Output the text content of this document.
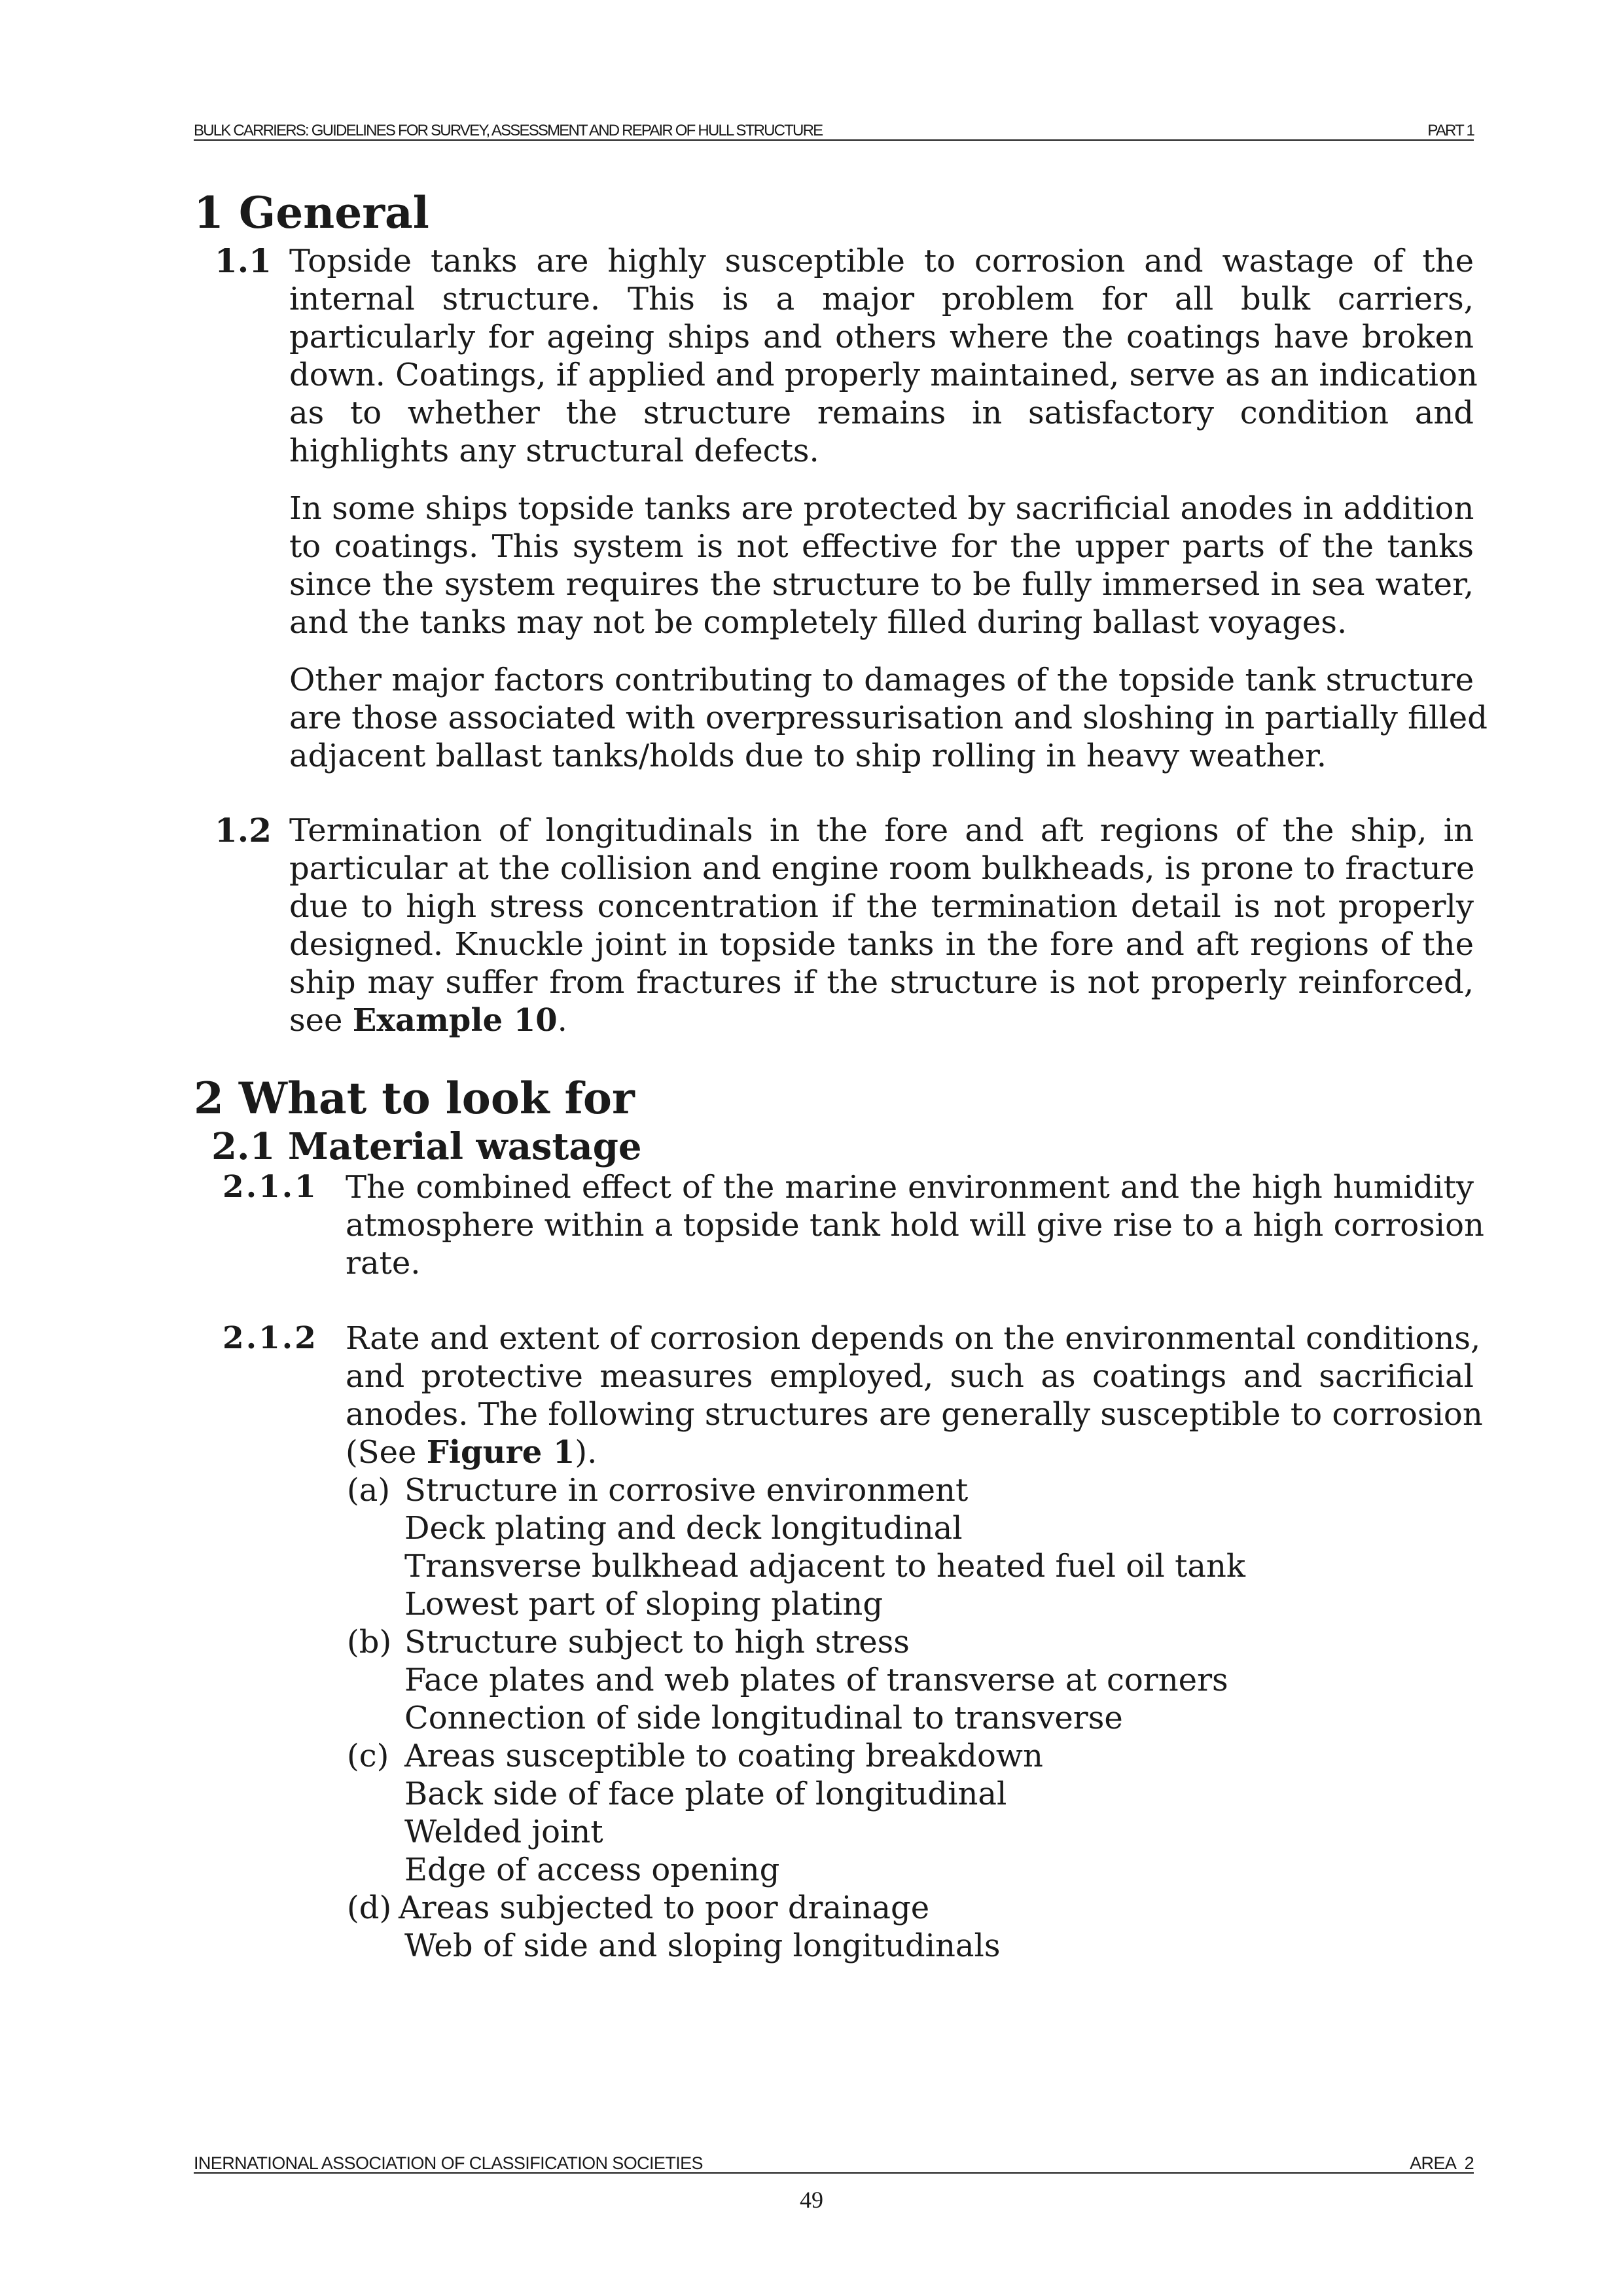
BULK CARRIERS: GUIDELINES FOR SURVEY, ASSESSMENT AND REPAIR OF HULL STRUCTURE	PART 1
1 General
1.1 Topside tanks are highly susceptible to corrosion and wastage of the
internal structure. This is a major problem for all bulk carriers,
particularly for ageing ships and others where the coatings have broken
down. Coatings, if applied and properly maintained, serve as an indication
as to whether the structure remains in satisfactory condition and
highlights any structural defects.
In some ships topside tanks are protected by sacrificial anodes in addition
to coatings. This system is not effective for the upper parts of the tanks
since the system requires the structure to be fully immersed in sea water,
and the tanks may not be completely filled during ballast voyages.
Other major factors contributing to damages of the topside tank structure
are those associated with overpressurisation and sloshing in partially filled
adjacent ballast tanks/holds due to ship rolling in heavy weather.
1.2 Termination of longitudinals in the fore and aft regions of the ship, in
particular at the collision and engine room bulkheads, is prone to fracture
due to high stress concentration if the termination detail is not properly
designed. Knuckle joint in topside tanks in the fore and aft regions of the
ship may suffer from fractures if the structure is not properly reinforced,
see Example 10.
2 What to look for
2.1 Material wastage
2.1.1 The combined effect of the marine environment and the high humidity
atmosphere within a topside tank hold will give rise to a high corrosion
rate.
2.1.2 Rate and extent of corrosion depends on the environmental conditions,
and protective measures employed, such as coatings and sacrificial
anodes. The following structures are generally susceptible to corrosion
(See Figure 1).
(a) Structure in corrosive environment
Deck plating and deck longitudinal
Transverse bulkhead adjacent to heated fuel oil tank
Lowest part of sloping plating
(b) Structure subject to high stress
Face plates and web plates of transverse at corners
Connection of side longitudinal to transverse
(c) Areas susceptible to coating breakdown
Back side of face plate of longitudinal
Welded joint
Edge of access opening
(d) Areas subjected to poor drainage
Web of side and sloping longitudinals
INERNATIONAL ASSOCIATION OF CLASSIFICATION SOCIETIES	AREA  2
49
